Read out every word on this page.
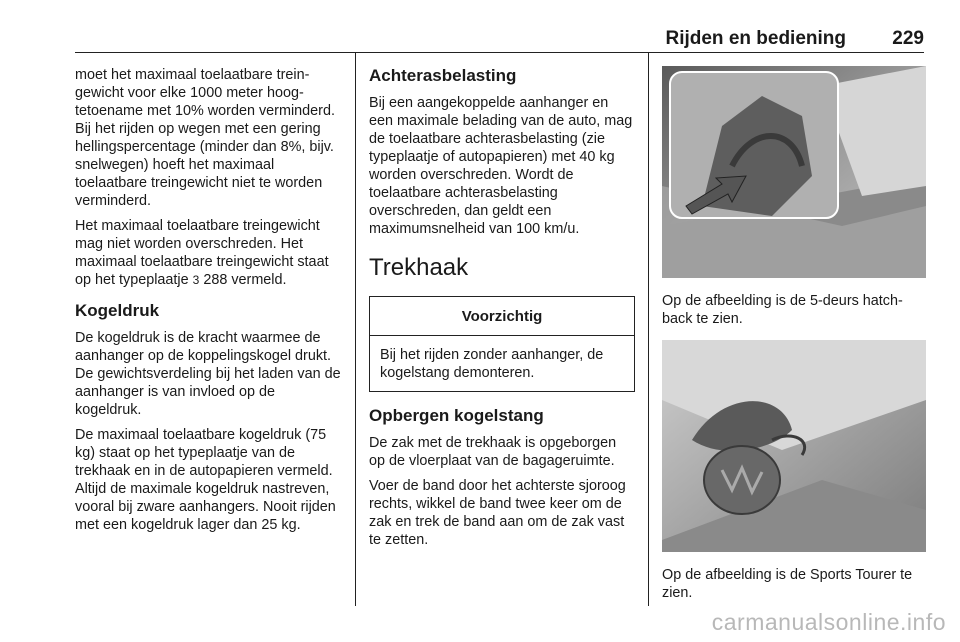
Rijden en bediening 229

moet het maximaal toelaatbare treingewicht voor elke 1000 meter hoogtetoename met 10% worden verminderd. Bij het rijden op wegen met een gering hellingspercentage (minder dan 8%, bijv. snelwegen) hoeft het maximaal toelaatbare treingewicht niet te worden verminderd.

Het maximaal toelaatbare treingewicht mag niet worden overschreden. Het maximaal toelaatbare treingewicht staat op het typeplaatje 3 288 vermeld.

Kogeldruk

De kogeldruk is de kracht waarmee de aanhanger op de koppelingskogel drukt. De gewichtsverdeling bij het laden van de aanhanger is van invloed op de kogeldruk.

De maximaal toelaatbare kogeldruk (75 kg) staat op het typeplaatje van de trekhaak en in de autopapieren vermeld. Altijd de maximale kogeldruk nastreven, vooral bij zware aanhangers. Nooit rijden met een kogeldruk lager dan 25 kg.

Achterasbelasting

Bij een aangekoppelde aanhanger en een maximale belading van de auto, mag de toelaatbare achterasbelasting (zie typeplaatje of autopapieren) met 40 kg worden overschreden. Wordt de toelaatbare achterasbelasting overschreden, dan geldt een maximumsnelheid van 100 km/u.

Trekhaak
Voorzichtig
Bij het rijden zonder aanhanger, de kogelstang demonteren.
Opbergen kogelstang

De zak met de trekhaak is opgeborgen op de vloerplaat van de bagageruimte.

Voer de band door het achterste sjoroog rechts, wikkel de band twee keer om de zak en trek de band aan om de zak vast te zetten.

Op de afbeelding is de 5-deurs hatchback te zien.

Op de afbeelding is de Sports Tourer te zien.

carmanualsonline.info
